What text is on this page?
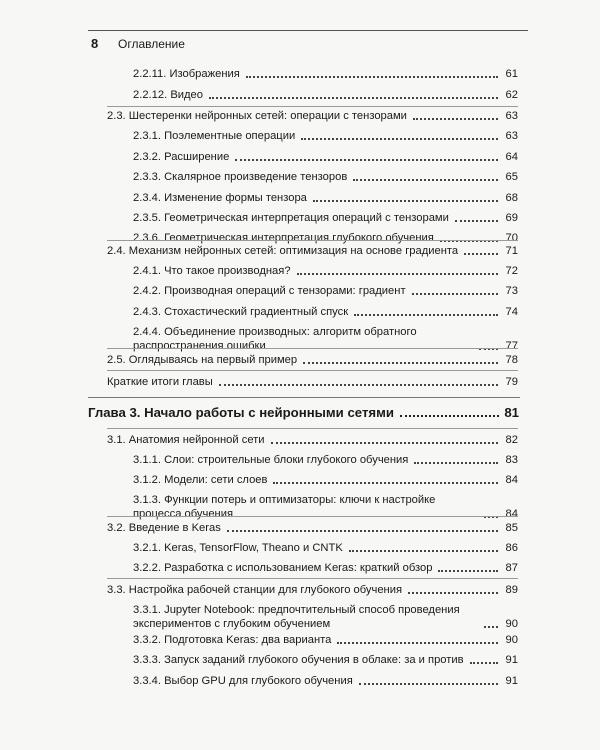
8 Оглавление
2.2.11. Изображения	61
2.2.12. Видео	62
2.3. Шестеренки нейронных сетей: операции с тензорами	63
2.3.1. Поэлементные операции	63
2.3.2. Расширение	64
2.3.3. Скалярное произведение тензоров	65
2.3.4. Изменение формы тензора	68
2.3.5. Геометрическая интерпретация операций с тензорами	69
2.3.6. Геометрическая интерпретация глубокого обучения	70
2.4. Механизм нейронных сетей: оптимизация на основе градиента	71
2.4.1. Что такое производная?	72
2.4.2. Производная операций с тензорами: градиент	73
2.4.3. Стохастический градиентный спуск	74
2.4.4. Объединение производных: алгоритм обратного распространения ошибки	77
2.5. Оглядываясь на первый пример	78
Краткие итоги главы	79
Глава 3. Начало работы с нейронными сетями	81
3.1. Анатомия нейронной сети	82
3.1.1. Слои: строительные блоки глубокого обучения	83
3.1.2. Модели: сети слоев	84
3.1.3. Функции потерь и оптимизаторы: ключи к настройке процесса обучения	84
3.2. Введение в Keras	85
3.2.1. Keras, TensorFlow, Theano и CNTK	86
3.2.2. Разработка с использованием Keras: краткий обзор	87
3.3. Настройка рабочей станции для глубокого обучения	89
3.3.1. Jupyter Notebook: предпочтительный способ проведения экспериментов с глубоким обучением	90
3.3.2. Подготовка Keras: два варианта	90
3.3.3. Запуск заданий глубокого обучения в облаке: за и против	91
3.3.4. Выбор GPU для глубокого обучения	91
